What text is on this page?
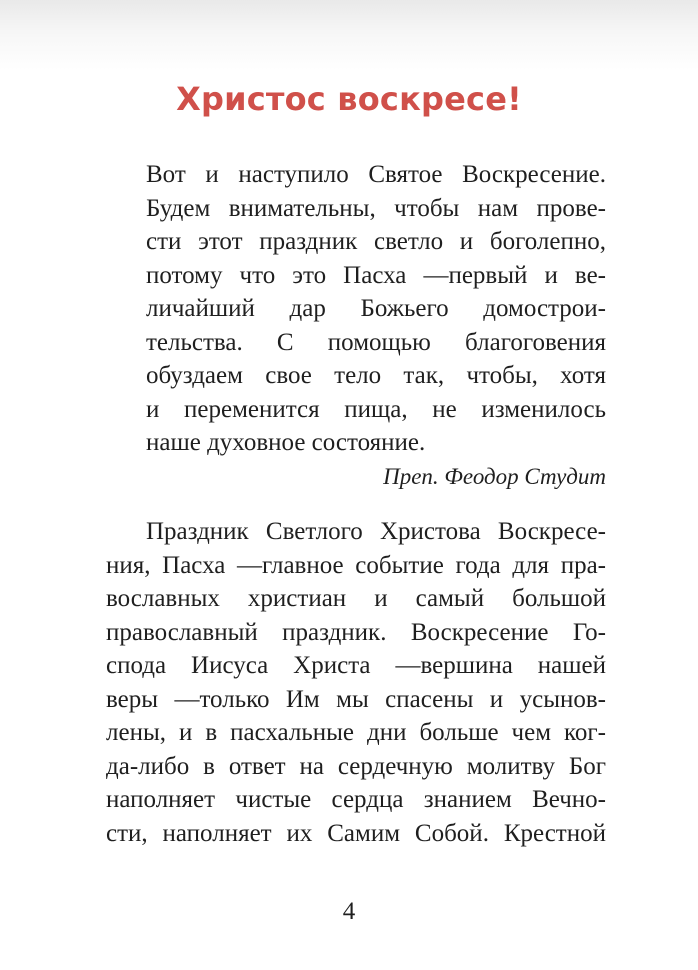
Христос воскресе!
Вот и наступило Святое Воскресение.
Будем внимательны, чтобы нам прове-
сти этот праздник светло и боголепно,
потому что это Пасха —первый и ве-
личайший дар Божьего домострои-
тельства. С помощью благоговения
обуздаем свое тело так, чтобы, хотя
и переменится пища, не изменилось
наше духовное состояние.
Преп. Феодор Студит
Праздник Светлого Христова Воскресе-
ния, Пасха —главное событие года для пра-
вославных христиан и самый большой
православный праздник. Воскресение Го-
спода Иисуса Христа —вершина нашей
веры —только Им мы спасены и усынов-
лены, и в пасхальные дни больше чем ког-
да-либо в ответ на сердечную молитву Бог
наполняет чистые сердца знанием Вечно-
сти, наполняет их Самим Собой. Крестной
4
